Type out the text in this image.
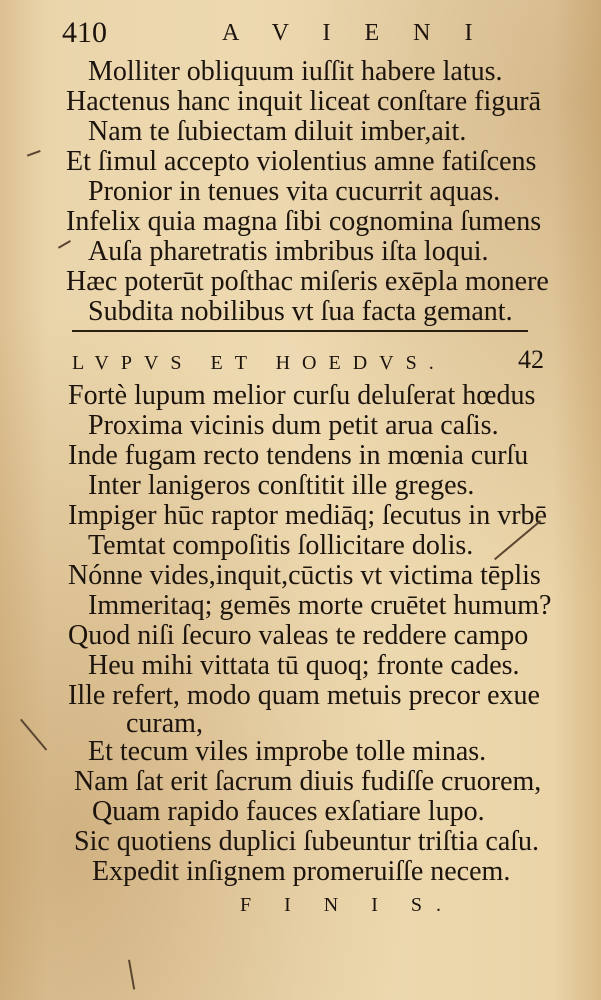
410	A V I E N I
Molliter obliquum iuſſit habere latus.
Hactenus hanc inquit liceat conſtare figurā
Nam te ſubiectam diluit imber,ait.
Et ſimul accepto violentius amne fatiſcens
Pronior in tenues vita cucurrit aquas.
Infelix quia magna ſibi cognomina ſumens
Auſa pharetratis imbribus iſta loqui.
Hæc poterūt poſthac miſeris exēpla monere
Subdita nobilibus vt ſua facta gemant.
LVPVS ET HOEDVS.	42
Fortè lupum melior curſu deluſerat hœdus
Proxima vicinis dum petit arua caſis.
Inde fugam recto tendens in mœnia curſu
Inter lanigeros conſtitit ille greges.
Impiger hūc raptor mediāq; ſecutus in vrbē
Temtat compoſitis ſollicitare dolis.
Nónne vides,inquit,cūctis vt victima tēplis
Immeritaq; gemēs morte cruētet humum?
Quod niſi ſecuro valeas te reddere campo
Heu mihi vittata tū quoq; fronte cades.
Ille refert, modo quam metuis precor exue
curam,
Et tecum viles improbe tolle minas.
Nam ſat erit ſacrum diuis fudiſſe cruorem,
Quam rapido fauces exſatiare lupo.
Sic quotiens duplici ſubeuntur triſtia caſu.
Expedit inſignem promeruiſſe necem.
F I N I S.
